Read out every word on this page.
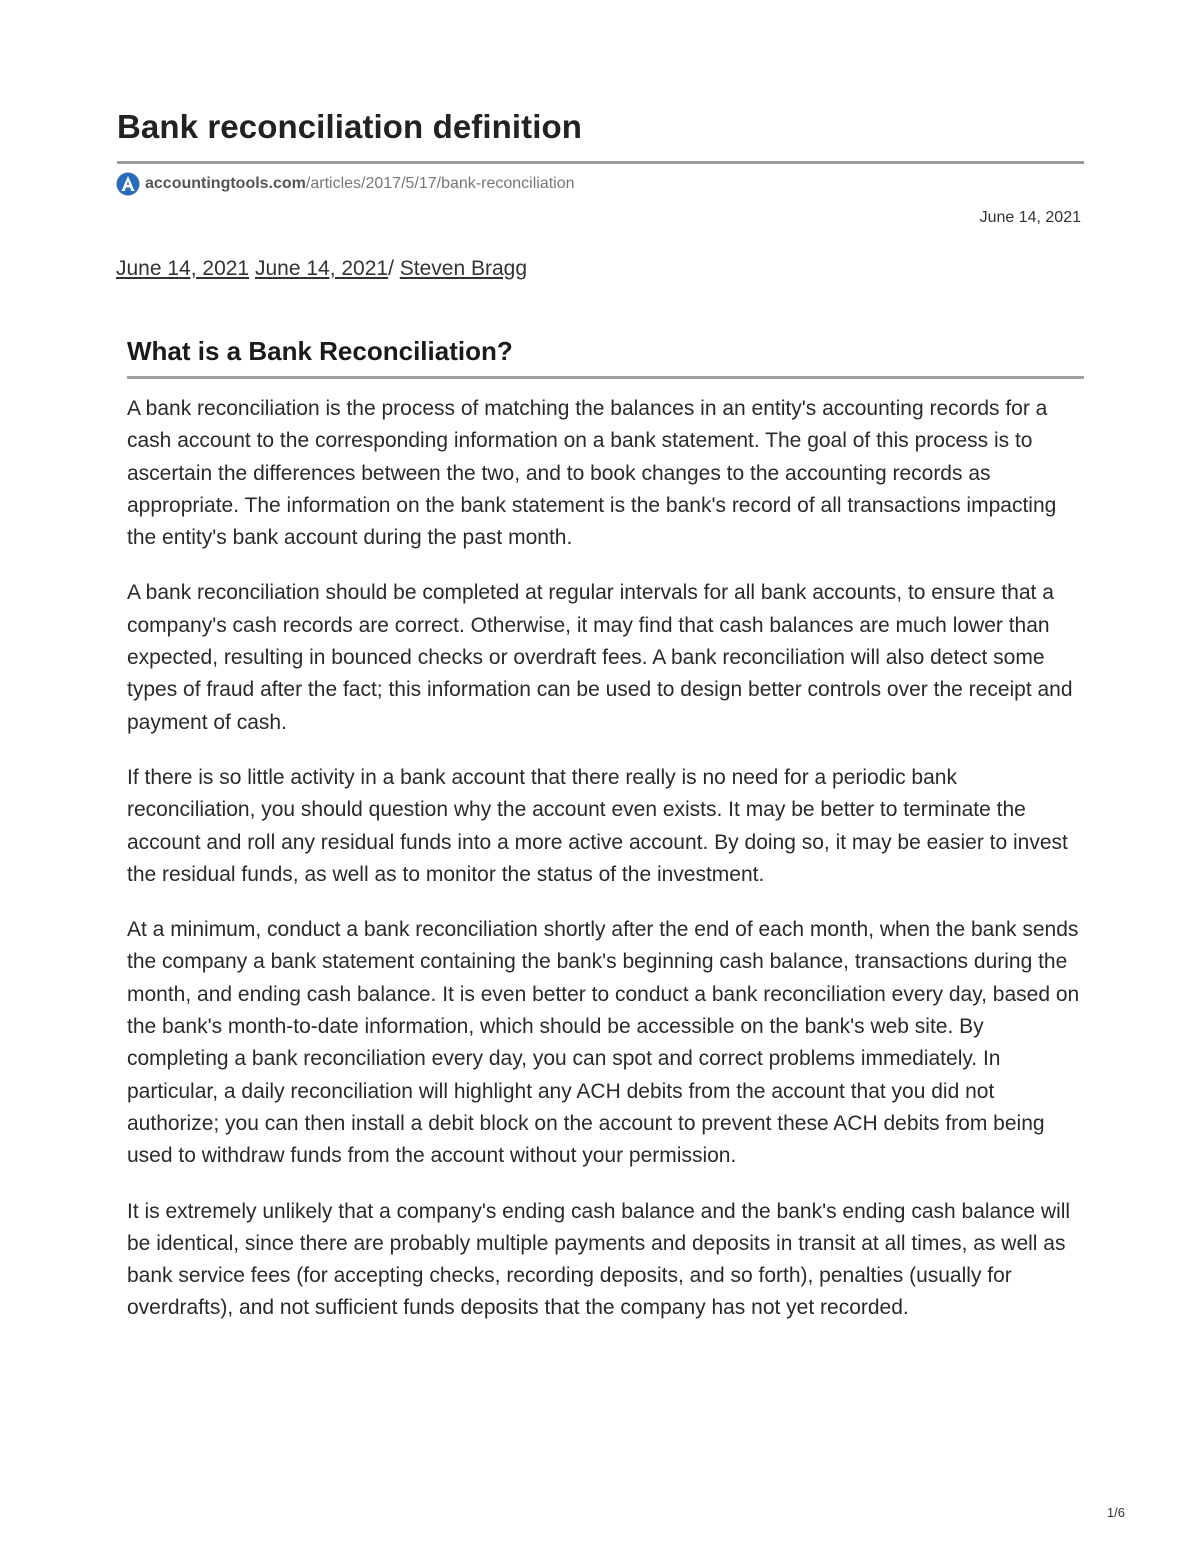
Bank reconciliation definition
accountingtools.com /articles/2017/5/17/bank-reconciliation
June 14, 2021
June 14, 2021 June 14, 2021/ Steven Bragg
What is a Bank Reconciliation?

A bank reconciliation is the process of matching the balances in an entity's accounting records for a cash account to the corresponding information on a bank statement. The goal of this process is to ascertain the differences between the two, and to book changes to the accounting records as appropriate. The information on the bank statement is the bank's record of all transactions impacting the entity's bank account during the past month.

A bank reconciliation should be completed at regular intervals for all bank accounts, to ensure that a company's cash records are correct. Otherwise, it may find that cash balances are much lower than expected, resulting in bounced checks or overdraft fees. A bank reconciliation will also detect some types of fraud after the fact; this information can be used to design better controls over the receipt and payment of cash.

If there is so little activity in a bank account that there really is no need for a periodic bank reconciliation, you should question why the account even exists. It may be better to terminate the account and roll any residual funds into a more active account. By doing so, it may be easier to invest the residual funds, as well as to monitor the status of the investment.

At a minimum, conduct a bank reconciliation shortly after the end of each month, when the bank sends the company a bank statement containing the bank's beginning cash balance, transactions during the month, and ending cash balance. It is even better to conduct a bank reconciliation every day, based on the bank's month-to-date information, which should be accessible on the bank's web site. By completing a bank reconciliation every day, you can spot and correct problems immediately. In particular, a daily reconciliation will highlight any ACH debits from the account that you did not authorize; you can then install a debit block on the account to prevent these ACH debits from being used to withdraw funds from the account without your permission.

It is extremely unlikely that a company's ending cash balance and the bank's ending cash balance will be identical, since there are probably multiple payments and deposits in transit at all times, as well as bank service fees (for accepting checks, recording deposits, and so forth), penalties (usually for overdrafts), and not sufficient funds deposits that the company has not yet recorded.

1/6
